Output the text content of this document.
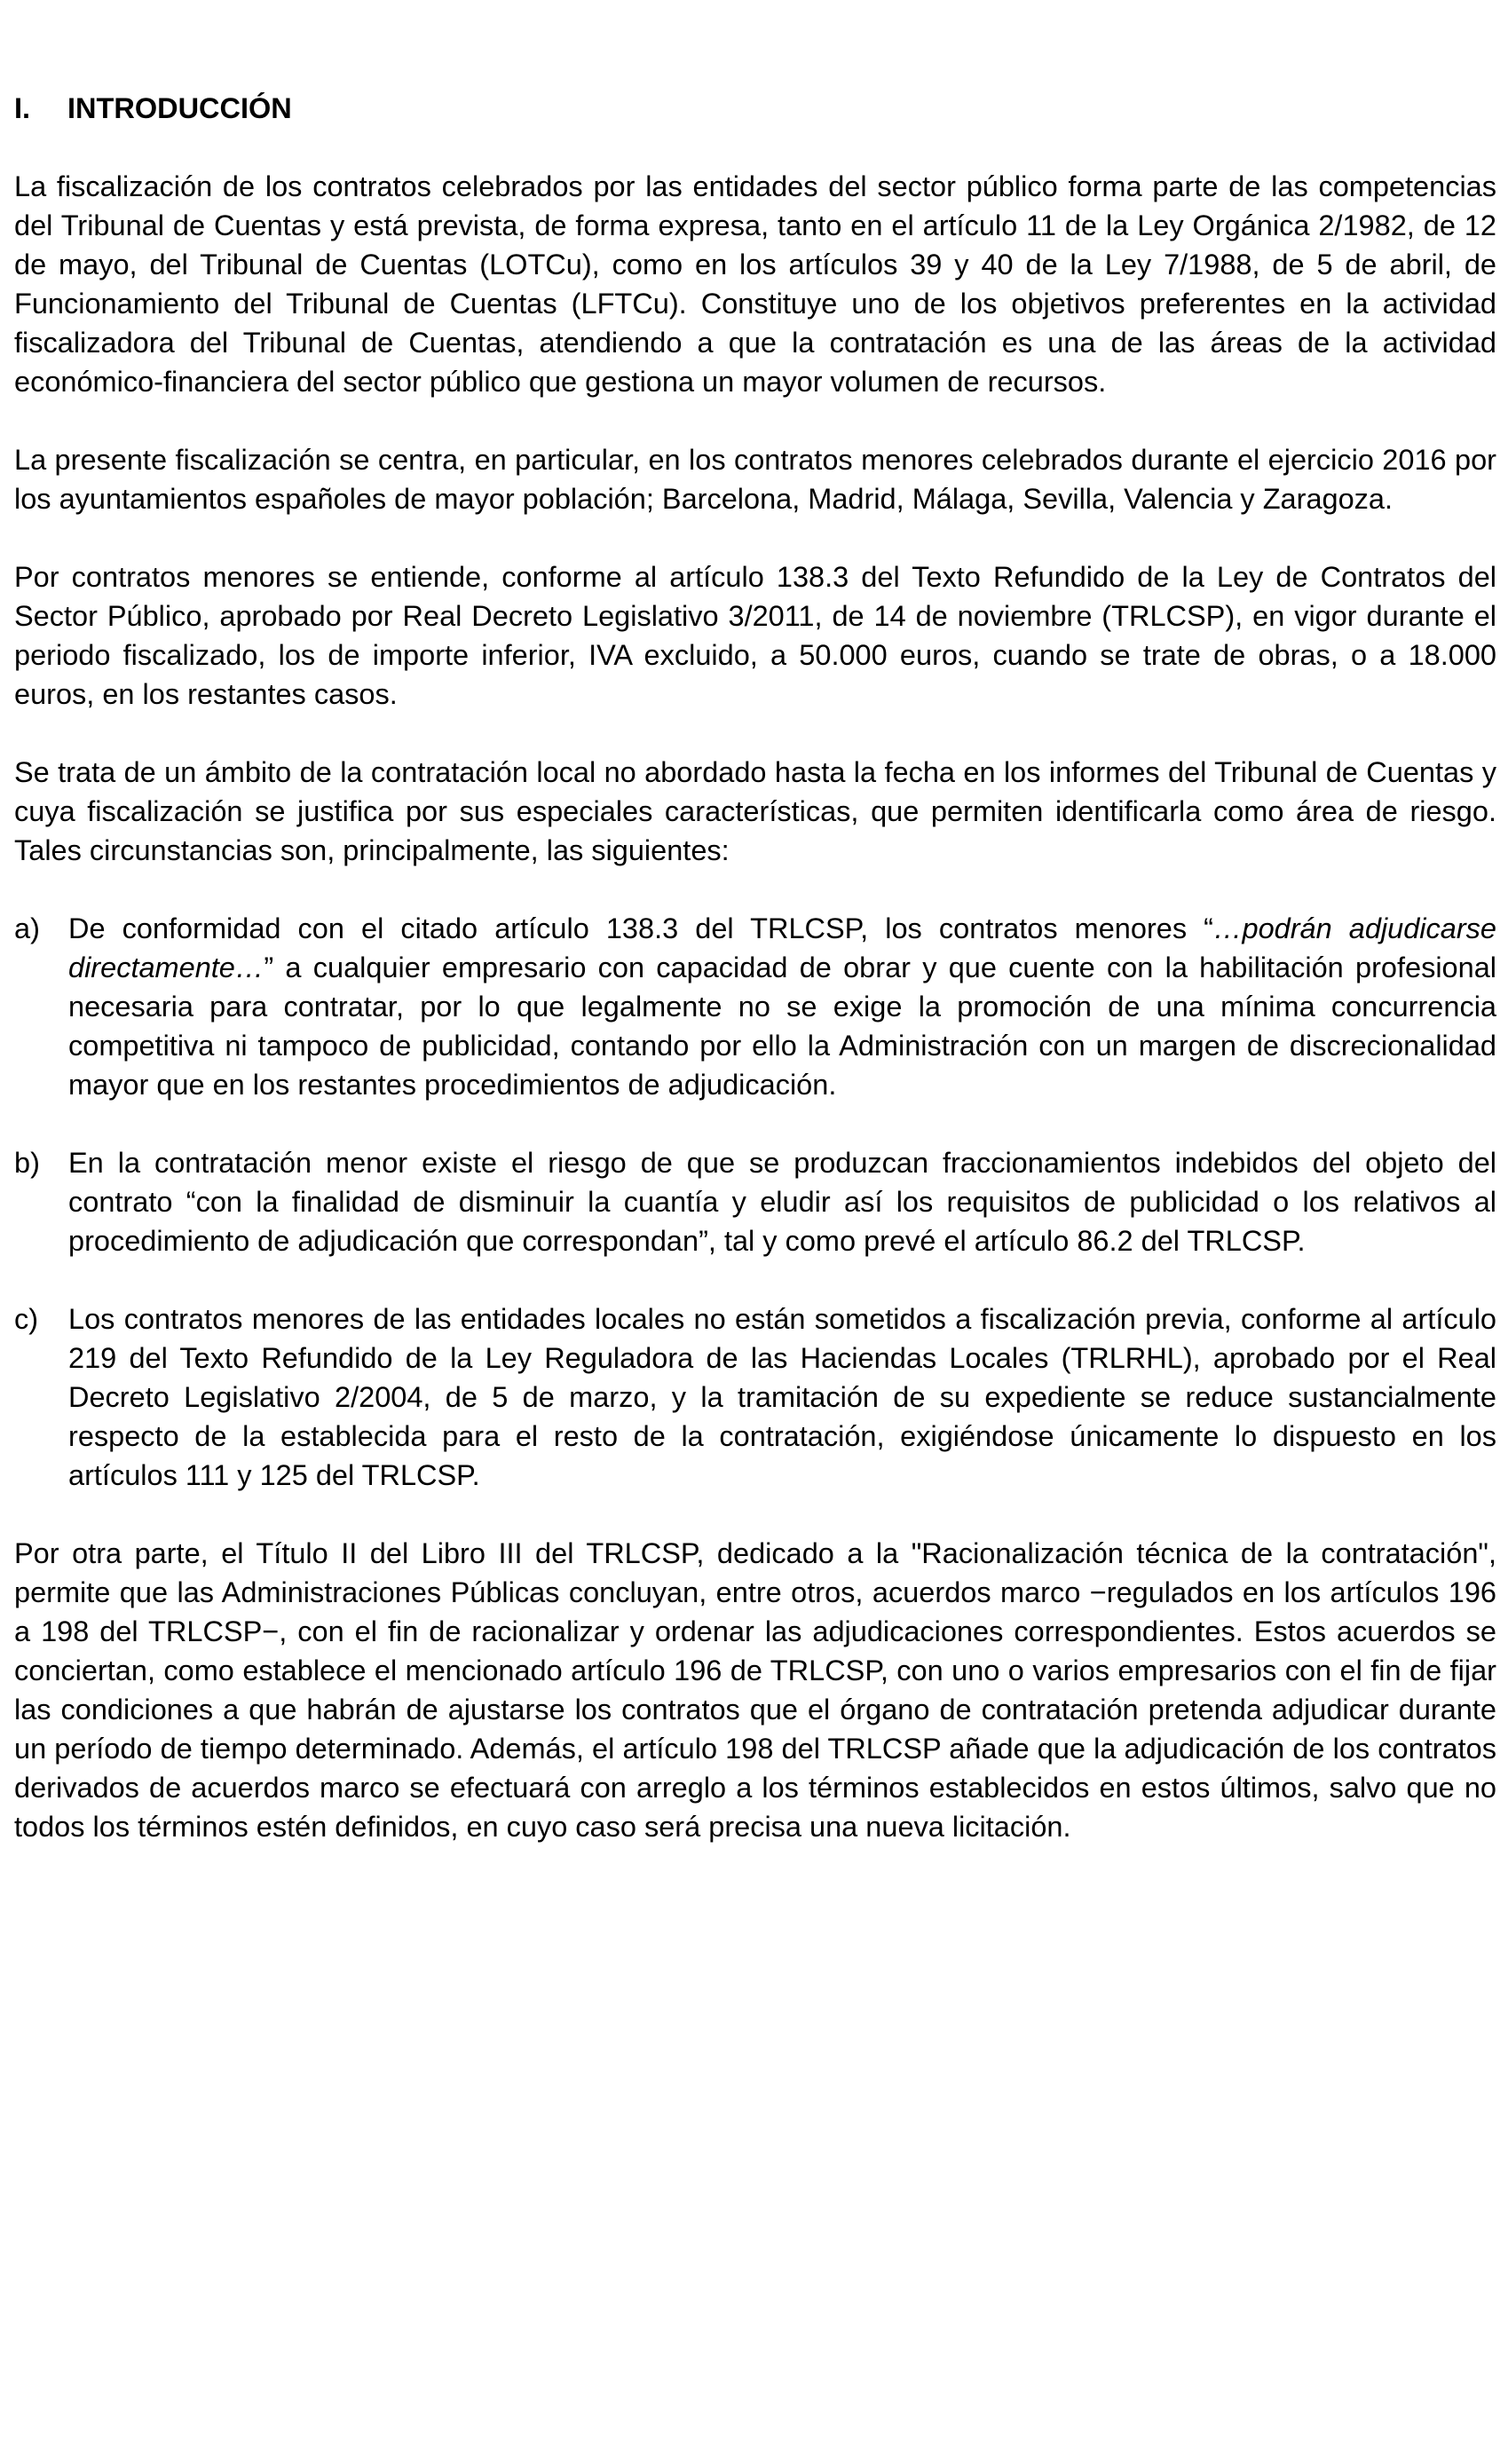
I.	INTRODUCCIÓN

La fiscalización de los contratos celebrados por las entidades del sector público forma parte de las competencias del Tribunal de Cuentas y está prevista, de forma expresa, tanto en el artículo 11 de la Ley Orgánica 2/1982, de 12 de mayo, del Tribunal de Cuentas (LOTCu), como en los artículos 39 y 40 de la Ley 7/1988, de 5 de abril, de Funcionamiento del Tribunal de Cuentas (LFTCu). Constituye uno de los objetivos preferentes en la actividad fiscalizadora del Tribunal de Cuentas, atendiendo a que la contratación es una de las áreas de la actividad económico-financiera del sector público que gestiona un mayor volumen de recursos.

La presente fiscalización se centra, en particular, en los contratos menores celebrados durante el ejercicio 2016 por los ayuntamientos españoles de mayor población; Barcelona, Madrid, Málaga, Sevilla, Valencia y Zaragoza.

Por contratos menores se entiende, conforme al artículo 138.3 del Texto Refundido de la Ley de Contratos del Sector Público, aprobado por Real Decreto Legislativo 3/2011, de 14 de noviembre (TRLCSP), en vigor durante el periodo fiscalizado, los de importe inferior, IVA excluido, a 50.000 euros, cuando se trate de obras, o a 18.000 euros, en los restantes casos.

Se trata de un ámbito de la contratación local no abordado hasta la fecha en los informes del Tribunal de Cuentas y cuya fiscalización se justifica por sus especiales características, que permiten identificarla como área de riesgo. Tales circunstancias son, principalmente, las siguientes:

a) De conformidad con el citado artículo 138.3 del TRLCSP, los contratos menores “…podrán adjudicarse directamente…” a cualquier empresario con capacidad de obrar y que cuente con la habilitación profesional necesaria para contratar, por lo que legalmente no se exige la promoción de una mínima concurrencia competitiva ni tampoco de publicidad, contando por ello la Administración con un margen de discrecionalidad mayor que en los restantes procedimientos de adjudicación.
b) En la contratación menor existe el riesgo de que se produzcan fraccionamientos indebidos del objeto del contrato “con la finalidad de disminuir la cuantía y eludir así los requisitos de publicidad o los relativos al procedimiento de adjudicación que correspondan”, tal y como prevé el artículo 86.2 del TRLCSP.
c)	Los contratos menores de las entidades locales no están sometidos a fiscalización previa, conforme al artículo 219 del Texto Refundido de la Ley Reguladora de las Haciendas Locales (TRLRHL), aprobado por el Real Decreto Legislativo 2/2004, de 5 de marzo, y la tramitación de su expediente se reduce sustancialmente respecto de la establecida para el resto de la contratación, exigiéndose únicamente lo dispuesto en los artículos 111 y 125 del TRLCSP.

Por otra parte, el Título II del Libro III del TRLCSP, dedicado a la "Racionalización técnica de la contratación", permite que las Administraciones Públicas concluyan, entre otros, acuerdos marco −regulados en los artículos 196 a 198 del TRLCSP−, con el fin de racionalizar y ordenar las adjudicaciones correspondientes. Estos acuerdos se conciertan, como establece el mencionado artículo 196 de TRLCSP, con uno o varios empresarios con el fin de fijar las condiciones a que habrán de ajustarse los contratos que el órgano de contratación pretenda adjudicar durante un período de tiempo determinado. Además, el artículo 198 del TRLCSP añade que la adjudicación de los contratos derivados de acuerdos marco se efectuará con arreglo a los términos establecidos en estos últimos, salvo que no todos los términos estén definidos, en cuyo caso será precisa una nueva licitación.
